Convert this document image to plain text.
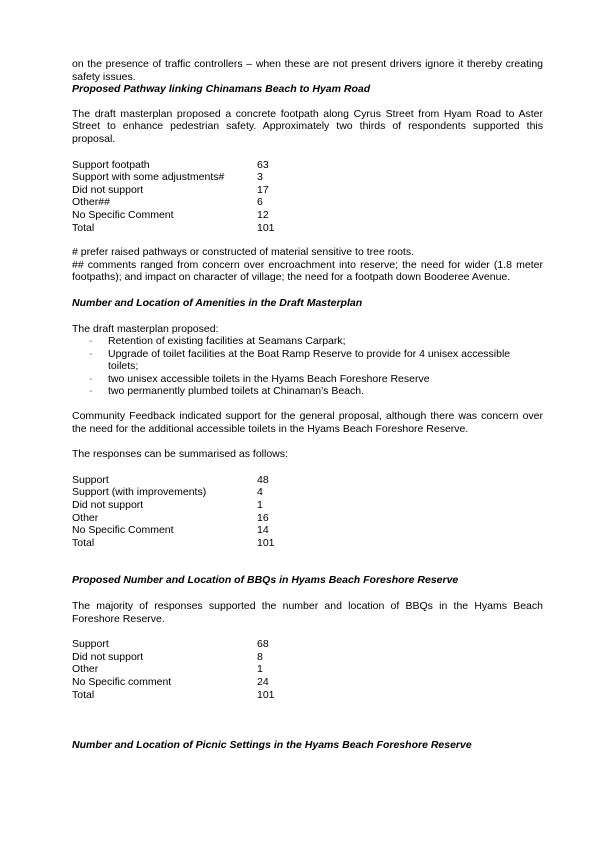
on the presence of traffic controllers – when these are not present drivers ignore it thereby creating safety issues.

Proposed Pathway linking Chinamans Beach to Hyam Road

The draft masterplan proposed a concrete footpath along Cyrus Street from Hyam Road to Aster Street to enhance pedestrian safety. Approximately two thirds of respondents supported this proposal.

Support footpath	63
Support with some adjustments#	3
Did not support	17
Other##	6
No Specific Comment	12
Total	101

# prefer raised pathways or constructed of material sensitive to tree roots.

## comments ranged from concern over encroachment into reserve; the need for wider (1.8 meter footpaths); and impact on character of village; the need for a footpath down Booderee Avenue.

Number and Location of Amenities in the Draft Masterplan

The draft masterplan proposed:

- Retention of existing facilities at Seamans Carpark;
- Upgrade of toilet facilities at the Boat Ramp Reserve to provide for 4 unisex accessible toilets;
- two unisex accessible toilets in the Hyams Beach Foreshore Reserve
- two permanently plumbed toilets at Chinaman’s Beach.

Community Feedback indicated support for the general proposal, although there was concern over the need for the additional accessible toilets in the Hyams Beach Foreshore Reserve.

The responses can be summarised as follows:

Support	48
Support (with improvements)	4
Did not support	1
Other	16
No Specific Comment	14
Total	101

Proposed Number and Location of BBQs in Hyams Beach Foreshore Reserve

The majority of responses supported the number and location of BBQs in the Hyams Beach Foreshore Reserve.

Support	68
Did not support	8
Other	1
No Specific comment	24
Total	101

Number and Location of Picnic Settings in the Hyams Beach Foreshore Reserve
